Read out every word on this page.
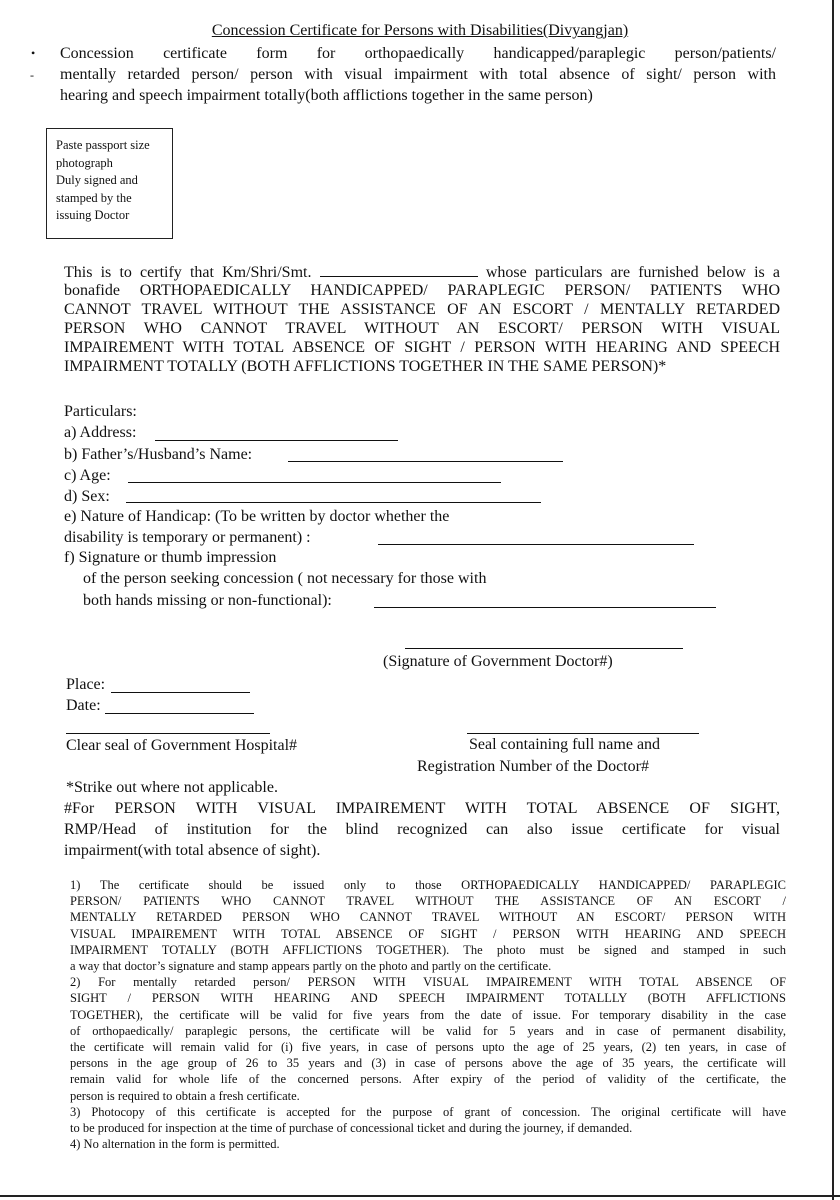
Concession Certificate for Persons with Disabilities(Divyangjan)
•
-
Concession certificate form for orthopaedically handicapped/paraplegic person/patients/
mentally retarded person/ person with visual impairment with total absence of sight/ person with
hearing and speech impairment totally(both afflictions together in the same person)
Paste passport size
photograph
Duly signed and
stamped by the
issuing Doctor
This is to certify that Km/Shri/Smt.	whose particulars are furnished below is a
bonafide ORTHOPAEDICALLY HANDICAPPED/ PARAPLEGIC PERSON/ PATIENTS WHO
CANNOT TRAVEL WITHOUT THE ASSISTANCE OF AN ESCORT / MENTALLY RETARDED
PERSON WHO CANNOT TRAVEL WITHOUT AN ESCORT/ PERSON WITH VISUAL
IMPAIREMENT WITH TOTAL ABSENCE OF SIGHT / PERSON WITH HEARING AND SPEECH
IMPAIRMENT TOTALLY (BOTH AFFLICTIONS TOGETHER IN THE SAME PERSON)*
Particulars:
a) Address:
b) Father’s/Husband’s Name:
c) Age:
d) Sex:
e) Nature of Handicap: (To be written by doctor whether the
disability is temporary or permanent) :
f) Signature or thumb impression
of the person seeking concession ( not necessary for those with
both hands missing or non-functional):
(Signature of Government Doctor#)
Place:
Date:
Clear seal of Government Hospital#	Seal containing full name and
Registration Number of the Doctor#
*Strike out where not applicable.
#For PERSON WITH VISUAL IMPAIREMENT WITH TOTAL ABSENCE OF SIGHT,
RMP/Head of institution for the blind recognized can also issue certificate for visual
impairment(with total absence of sight).
1) The certificate should be issued only to those ORTHOPAEDICALLY HANDICAPPED/ PARAPLEGIC
PERSON/ PATIENTS WHO CANNOT TRAVEL WITHOUT THE ASSISTANCE OF AN ESCORT /
MENTALLY RETARDED PERSON WHO CANNOT TRAVEL WITHOUT AN ESCORT/ PERSON WITH
VISUAL IMPAIREMENT WITH TOTAL ABSENCE OF SIGHT / PERSON WITH HEARING AND SPEECH
IMPAIRMENT TOTALLY (BOTH AFFLICTIONS TOGETHER). The photo must be signed and stamped in such
a way that doctor’s signature and stamp appears partly on the photo and partly on the certificate.
2) For mentally retarded person/ PERSON WITH VISUAL IMPAIREMENT WITH TOTAL ABSENCE OF
SIGHT / PERSON WITH HEARING AND SPEECH IMPAIRMENT TOTALLLY (BOTH AFFLICTIONS
TOGETHER), the certificate will be valid for five years from the date of issue. For temporary disability in the case
of orthopaedically/ paraplegic persons, the certificate will be valid for 5 years and in case of permanent disability,
the certificate will remain valid for (i) five years, in case of persons upto the age of 25 years, (2) ten years, in case of
persons in the age group of 26 to 35 years and (3) in case of persons above the age of 35 years, the certificate will
remain valid for whole life of the concerned persons. After expiry of the period of validity of the certificate, the
person is required to obtain a fresh certificate.
3) Photocopy of this certificate is accepted for the purpose of grant of concession. The original certificate will have
to be produced for inspection at the time of purchase of concessional ticket and during the journey, if demanded.
4) No alternation in the form is permitted.
